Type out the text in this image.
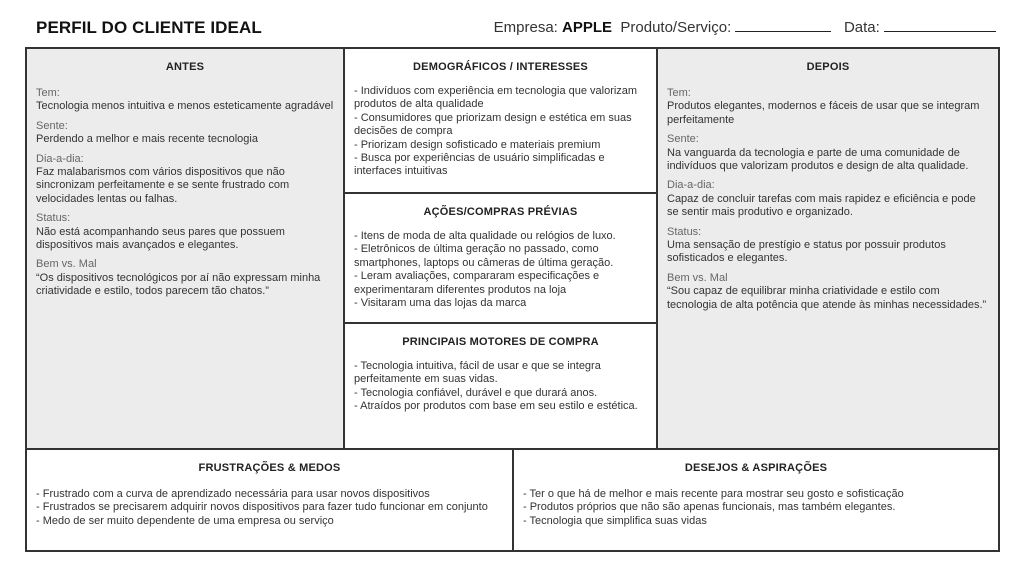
PERFIL DO CLIENTE IDEAL	Empresa: APPLE Produto/Serviço:	Data:
ANTES
Tem:
Tecnologia menos intuitiva e menos esteticamente agradável
Sente:
Perdendo a melhor e mais recente tecnologia
Dia-a-dia:
Faz malabarismos com vários dispositivos que não sincronizam perfeitamente e se sente frustrado com velocidades lentas ou falhas.
Status:
Não está acompanhando seus pares que possuem dispositivos mais avançados e elegantes.
Bem vs. Mal
“Os dispositivos tecnológicos por aí não expressam minha criatividade e estilo, todos parecem tão chatos.”
DEMOGRÁFICOS / INTERESSES
- Indivíduos com experiência em tecnologia que valorizam produtos de alta qualidade
- Consumidores que priorizam design e estética em suas decisões de compra
- Priorizam design sofisticado e materiais premium
- Busca por experiências de usuário simplificadas e interfaces intuitivas
AÇÕES/COMPRAS PRÉVIAS
- Itens de moda de alta qualidade ou relógios de luxo.
- Eletrônicos de última geração no passado, como smartphones, laptops ou câmeras de última geração.
- Leram avaliações, compararam especificações e experimentaram diferentes produtos na loja
- Visitaram uma das lojas da marca
PRINCIPAIS MOTORES DE COMPRA
- Tecnologia intuitiva, fácil de usar e que se integra perfeitamente em suas vidas.
- Tecnologia confiável, durável e que durará anos.
- Atraídos por produtos com base em seu estilo e estética.
DEPOIS
Tem:
Produtos elegantes, modernos e fáceis de usar que se integram perfeitamente
Sente:
Na vanguarda da tecnologia e parte de uma comunidade de indivíduos que valorizam produtos e design de alta qualidade.
Dia-a-dia:
Capaz de concluir tarefas com mais rapidez e eficiência e pode se sentir mais produtivo e organizado.
Status:
Uma sensação de prestígio e status por possuir produtos sofisticados e elegantes.
Bem vs. Mal
“Sou capaz de equilibrar minha criatividade e estilo com tecnologia de alta potência que atende às minhas necessidades.”
FRUSTRAÇÕES & MEDOS
- Frustrado com a curva de aprendizado necessária para usar novos dispositivos
- Frustrados se precisarem adquirir novos dispositivos para fazer tudo funcionar em conjunto
- Medo de ser muito dependente de uma empresa ou serviço
DESEJOS & ASPIRAÇÕES
- Ter o que há de melhor e mais recente para mostrar seu gosto e sofisticação
- Produtos próprios que não são apenas funcionais, mas também elegantes.
- Tecnologia que simplifica suas vidas
